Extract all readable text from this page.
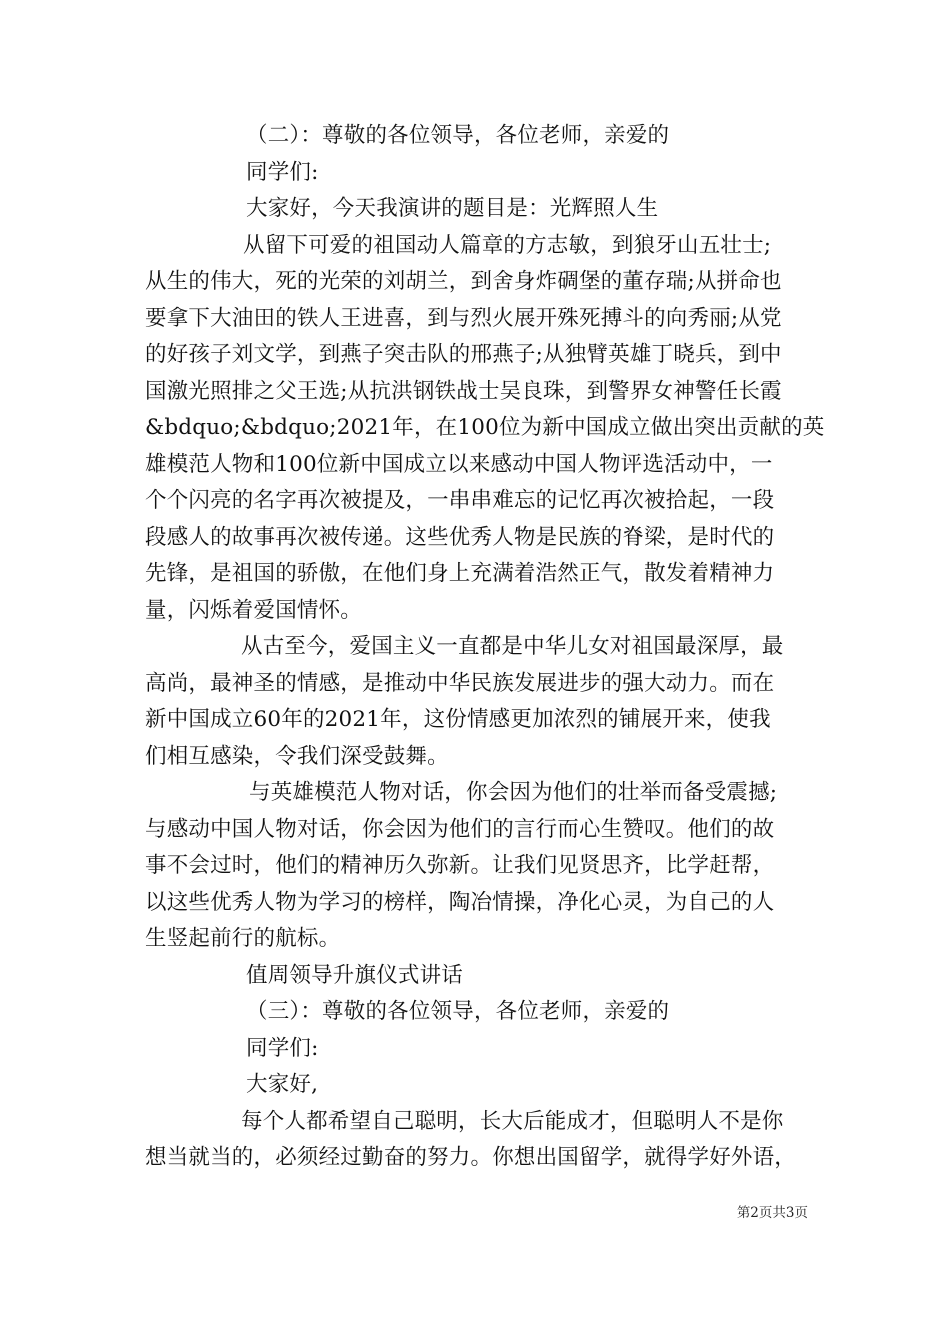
（二）：尊敬的各位领导，各位老师，亲爱的
同学们:
大家好，今天我演讲的题目是：光辉照人生
从留下可爱的祖国动人篇章的方志敏，到狼牙山五壮士;
从生的伟大，死的光荣的刘胡兰，到舍身炸碉堡的董存瑞;从拼命也
要拿下大油田的铁人王进喜，到与烈火展开殊死搏斗的向秀丽;从党
的好孩子刘文学，到燕子突击队的邢燕子;从独臂英雄丁晓兵，到中
国激光照排之父王选;从抗洪钢铁战士吴良珠，到警界女神警任长霞
&bdquo;&bdquo;2021年，在100位为新中国成立做出突出贡献的英
雄模范人物和100位新中国成立以来感动中国人物评选活动中，一
个个闪亮的名字再次被提及，一串串难忘的记忆再次被拾起，一段
段感人的故事再次被传递。这些优秀人物是民族的脊梁，是时代的
先锋，是祖国的骄傲，在他们身上充满着浩然正气，散发着精神力
量，闪烁着爱国情怀。
从古至今，爱国主义一直都是中华儿女对祖国最深厚，最
高尚，最神圣的情感，是推动中华民族发展进步的强大动力。而在
新中国成立60年的2021年，这份情感更加浓烈的铺展开来，使我
们相互感染，令我们深受鼓舞。
与英雄模范人物对话，你会因为他们的壮举而备受震撼;
与感动中国人物对话，你会因为他们的言行而心生赞叹。他们的故
事不会过时，他们的精神历久弥新。让我们见贤思齐，比学赶帮，
以这些优秀人物为学习的榜样，陶冶情操，净化心灵，为自己的人
生竖起前行的航标。
值周领导升旗仪式讲话
（三）：尊敬的各位领导，各位老师，亲爱的
同学们:
大家好,
每个人都希望自己聪明，长大后能成才，但聪明人不是你
想当就当的，必须经过勤奋的努力。你想出国留学，就得学好外语，
第2页共3页
